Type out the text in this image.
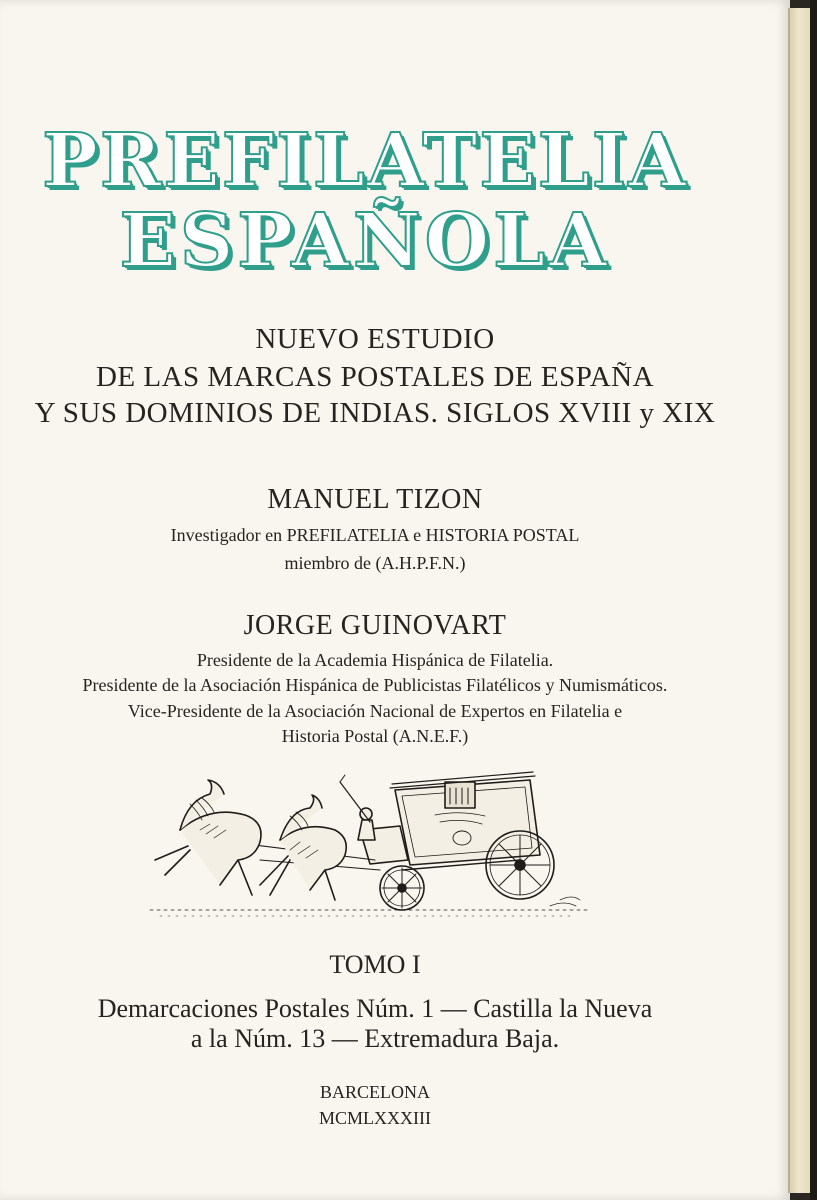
PREFILATELIA
ESPAÑOLA
NUEVO ESTUDIO
DE LAS MARCAS POSTALES DE ESPAÑA
Y SUS DOMINIOS DE INDIAS. SIGLOS XVIII y XIX
MANUEL TIZON
Investigador en PREFILATELIA e HISTORIA POSTAL
miembro de (A.H.P.F.N.)
JORGE GUINOVART
Presidente de la Academia Hispánica de Filatelia.
Presidente de la Asociación Hispánica de Publicistas Filatélicos y Numismáticos.
Vice-Presidente de la Asociación Nacional de Expertos en Filatelia e
Historia Postal (A.N.E.F.)
TOMO I
Demarcaciones Postales Núm. 1 — Castilla la Nueva
a la Núm. 13 — Extremadura Baja.
BARCELONA
MCMLXXXIII
